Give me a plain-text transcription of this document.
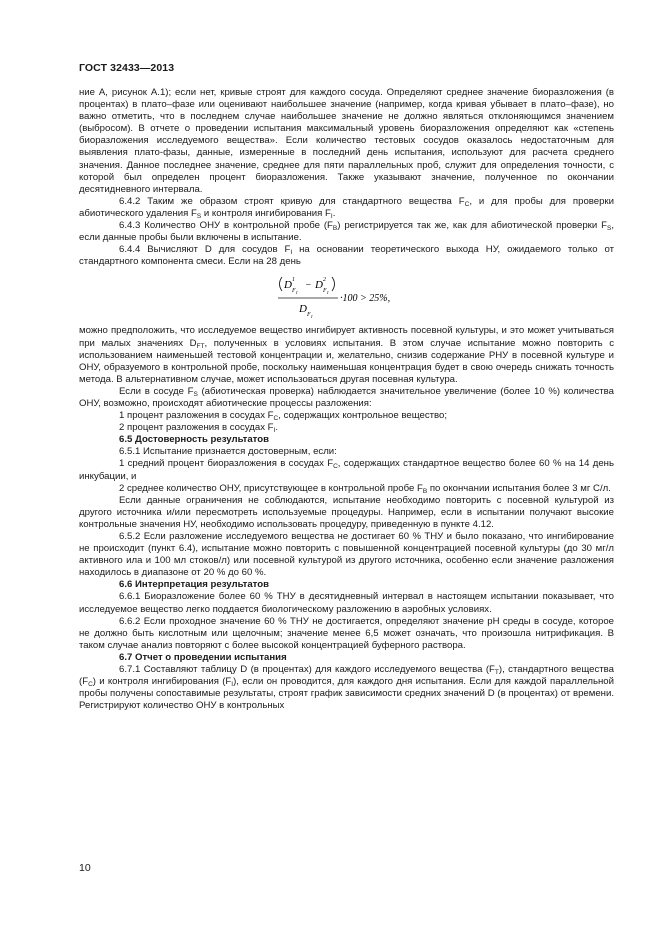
ГОСТ 32433—2013

ние А, рисунок А.1); если нет, кривые строят для каждого сосуда. Определяют среднее значение биоразложения (в процентах) в плато–фазе или оценивают наибольшее значение (например, когда кривая убывает в плато–фазе), но важно отметить, что в последнем случае наибольшее значение не должно являться отклоняющимся значением (выбросом). В отчете о проведении испытания максимальный уровень биоразложения определяют как «степень биоразложения исследуемого вещества». Если количество тестовых сосудов оказалось недостаточным для выявления плато-фазы, данные, измеренные в последний день испытания, используют для расчета среднего значения. Данное последнее значение, среднее для пяти параллельных проб, служит для определения точности, с которой был определен процент биоразложения. Также указывают значение, полученное по окончании десятидневного интервала.

6.4.2 Таким же образом строят кривую для стандартного вещества $F_C$, и для пробы для проверки абиотического удаления $F_S$ и контроля ингибирования $F_I$.

6.4.3 Количество ОНУ в контрольной пробе $(F_B)$ регистрируется так же, как для абиотической проверки $F_S$, если данные пробы были включены в испытание.

6.4.4 Вычисляют D для сосудов $F_I$ на основании теоретического выхода НУ, ожидаемого только от стандартного компонента смеси. Если на 28 день

D 1
F I
− D 2
F I
D F I
·100 > 25%,

можно предположить, что исследуемое вещество ингибирует активность посевной культуры, и это может учитываться при малых значениях $D_{FT}$, полученных в условиях испытания. В этом случае испытание можно повторить с использованием наименьшей тестовой концентрации и, желательно, снизив содержание РНУ в посевной культуре и ОНУ, образуемого в контрольной пробе, поскольку наименьшая концентрация будет в свою очередь снижать точность метода. В альтернативном случае, может использоваться другая посевная культура.

Если в сосуде $F_S$ (абиотическая проверка) наблюдается значительное увеличение (более 10 %) количества ОНУ, возможно, происходят абиотические процессы разложения:

1 процент разложения в сосудах $F_C$, содержащих контрольное вещество;

2 процент разложения в сосудах $F_I$.

6.5 Достоверность результатов

6.5.1 Испытание признается достоверным, если:

1 средний процент биоразложения в сосудах $F_C$, содержащих стандартное вещество более 60 % на 14 день инкубации, и

2 среднее количество ОНУ, присутствующее в контрольной пробе $F_B$ по окончании испытания более 3 мг С/л.

Если данные ограничения не соблюдаются, испытание необходимо повторить с посевной культурой из другого источника и/или пересмотреть используемые процедуры. Например, если в испытании получают высокие контрольные значения НУ, необходимо использовать процедуру, приведенную в пункте 4.12.

6.5.2 Если разложение исследуемого вещества не достигает 60 % ТНУ и было показано, что ингибирование не происходит (пункт 6.4), испытание можно повторить с повышенной концентрацией посевной культуры (до 30 мг/л активного ила и 100 мл стоков/л) или посевной культурой из другого источника, особенно если значение разложения находилось в диапазоне от 20 % до 60 %.

6.6 Интерпретация результатов

6.6.1 Биоразложение более 60 % ТНУ в десятидневный интервал в настоящем испытании показывает, что исследуемое вещество легко поддается биологическому разложению в аэробных условиях.

6.6.2 Если проходное значение 60 % ТНУ не достигается, определяют значение pH среды в сосуде, которое не должно быть кислотным или щелочным; значение менее 6,5 может означать, что произошла нитрификация. В таком случае анализ повторяют с более высокой концентрацией буферного раствора.

6.7 Отчет о проведении испытания

6.7.1 Составляют таблицу D (в процентах) для каждого исследуемого вещества $(F_T)$, стандартного вещества $(F_C)$ и контроля ингибирования $(F_I)$, если он проводится, для каждого дня испытания. Если для каждой параллельной пробы получены сопоставимые результаты, строят график зависимости средних значений D (в процентах) от времени. Регистрируют количество ОНУ в контрольных

10
